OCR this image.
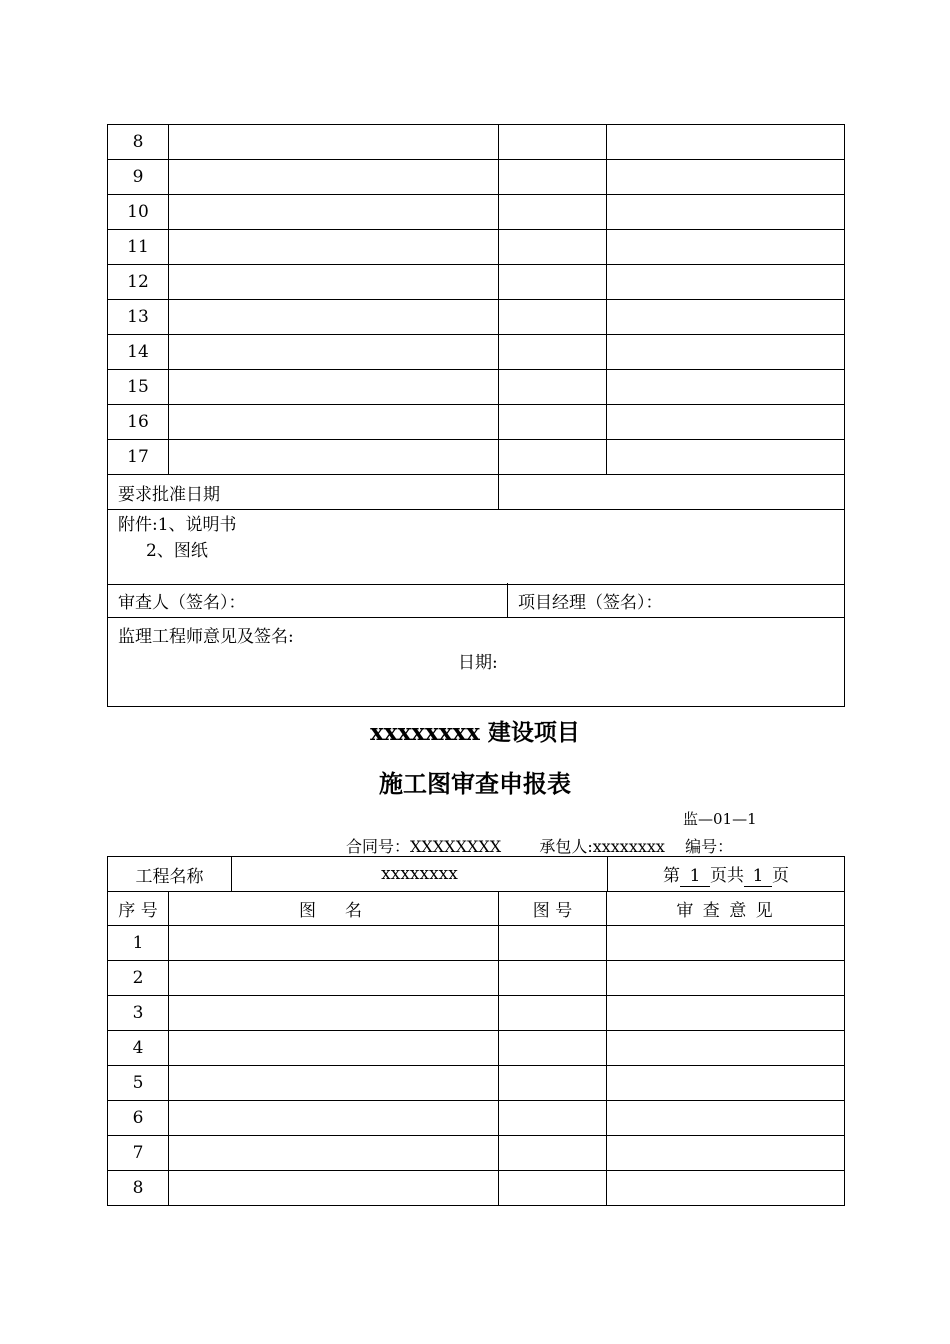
8			
9			
10			
11			
12			
13			
14			
15			
16			
17			
要求批准日期			

附件:1、说明书
2、图纸			
审查人（签名）：	项目经理（签名）：

监理工程师意见及签名:
日期:
xxxxxxxx 建设项目
施工图审查申报表
监—01—1
合同号：XXXXXXXX 承包人:xxxxxxxx 编号：
工程名称	xxxxxxxx	第 1 页共 1 页
序 号	图　名	图 号	审 查 意 见
1			
2			
3			
4			
5			
6			
7			
8			
